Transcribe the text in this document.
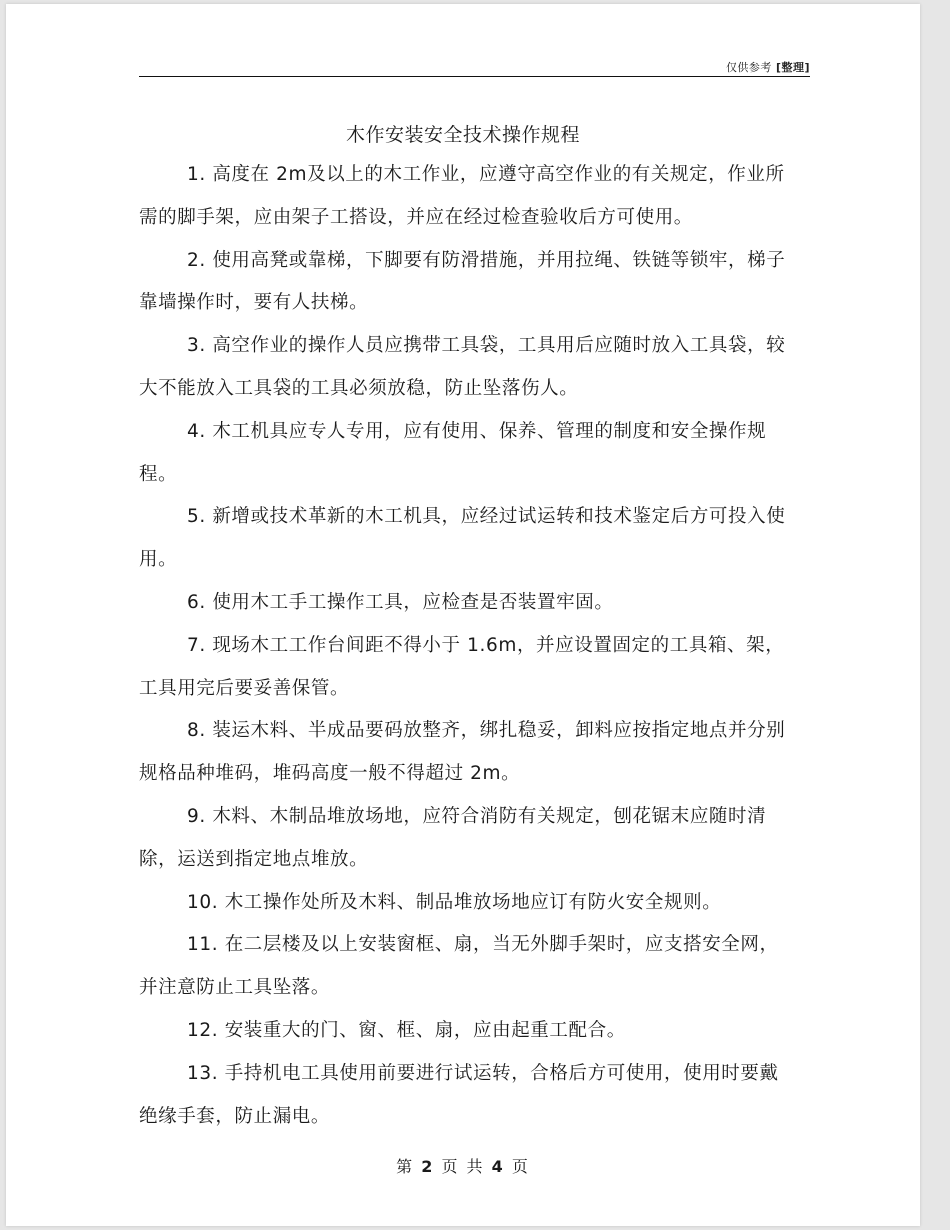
仅供参考 [整理]
木作安装安全技术操作规程

1. 高度在 2m及以上的木工作业，应遵守高空作业的有关规定，作业所需的脚手架，应由架子工搭设，并应在经过检查验收后方可使用。

2. 使用高凳或靠梯，下脚要有防滑措施，并用拉绳、铁链等锁牢，梯子靠墙操作时，要有人扶梯。

3. 高空作业的操作人员应携带工具袋，工具用后应随时放入工具袋，较大不能放入工具袋的工具必须放稳，防止坠落伤人。

4. 木工机具应专人专用，应有使用、保养、管理的制度和安全操作规程。

5. 新增或技术革新的木工机具，应经过试运转和技术鉴定后方可投入使用。

6. 使用木工手工操作工具，应检查是否装置牢固。

7. 现场木工工作台间距不得小于 1.6m，并应设置固定的工具箱、架，工具用完后要妥善保管。

8. 装运木料、半成品要码放整齐，绑扎稳妥，卸料应按指定地点并分别规格品种堆码，堆码高度一般不得超过 2m。

9. 木料、木制品堆放场地，应符合消防有关规定，刨花锯末应随时清除，运送到指定地点堆放。

10. 木工操作处所及木料、制品堆放场地应订有防火安全规则。

11. 在二层楼及以上安装窗框、扇，当无外脚手架时，应支搭安全网，并注意防止工具坠落。

12. 安装重大的门、窗、框、扇，应由起重工配合。

13. 手持机电工具使用前要进行试运转，合格后方可使用，使用时要戴绝缘手套，防止漏电。

第 2 页 共 4 页
